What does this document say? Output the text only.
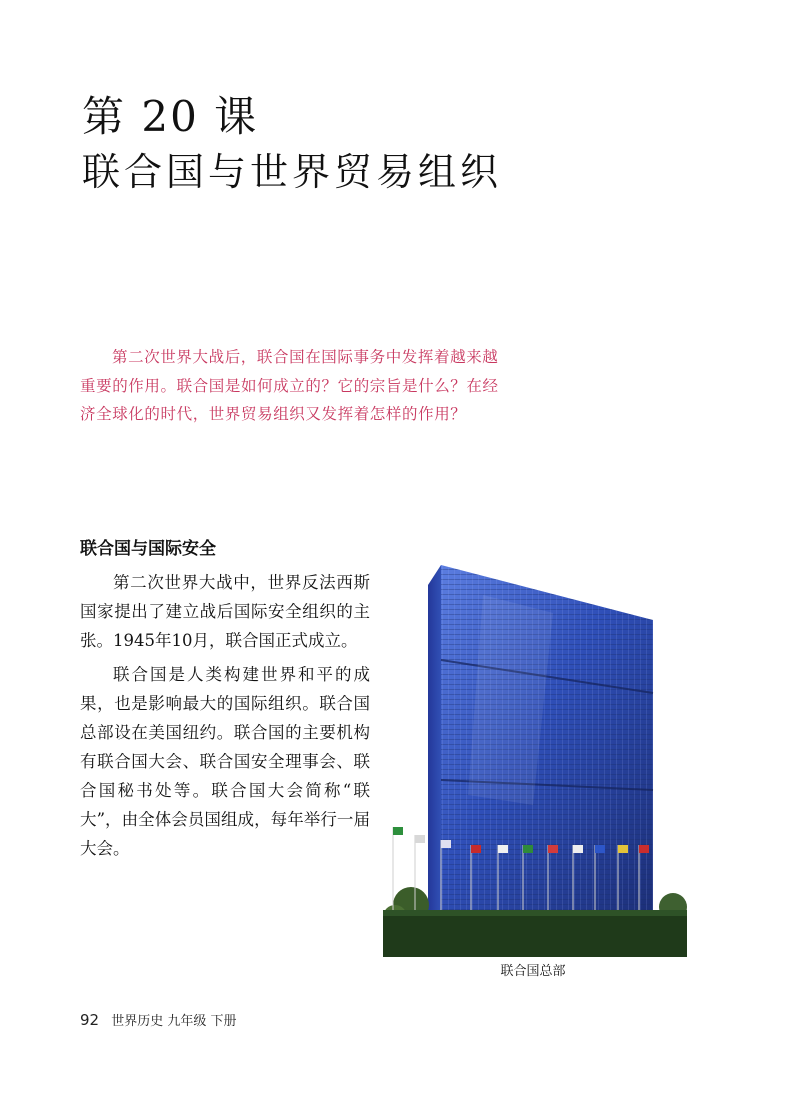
第 20 课
联合国与世界贸易组织

第二次世界大战后，联合国在国际事务中发挥着越来越重要的作用。联合国是如何成立的？它的宗旨是什么？在经济全球化的时代，世界贸易组织又发挥着怎样的作用？

联合国与国际安全

第二次世界大战中，世界反法西斯国家提出了建立战后国际安全组织的主张。1945年10月，联合国正式成立。

联合国是人类构建世界和平的成果，也是影响最大的国际组织。联合国总部设在美国纽约。联合国的主要机构有联合国大会、联合国安全理事会、联合国秘书处等。联合国大会简称“联大”，由全体会员国组成，每年举行一届大会。

联合国总部
92 世界历史 九年级 下册
